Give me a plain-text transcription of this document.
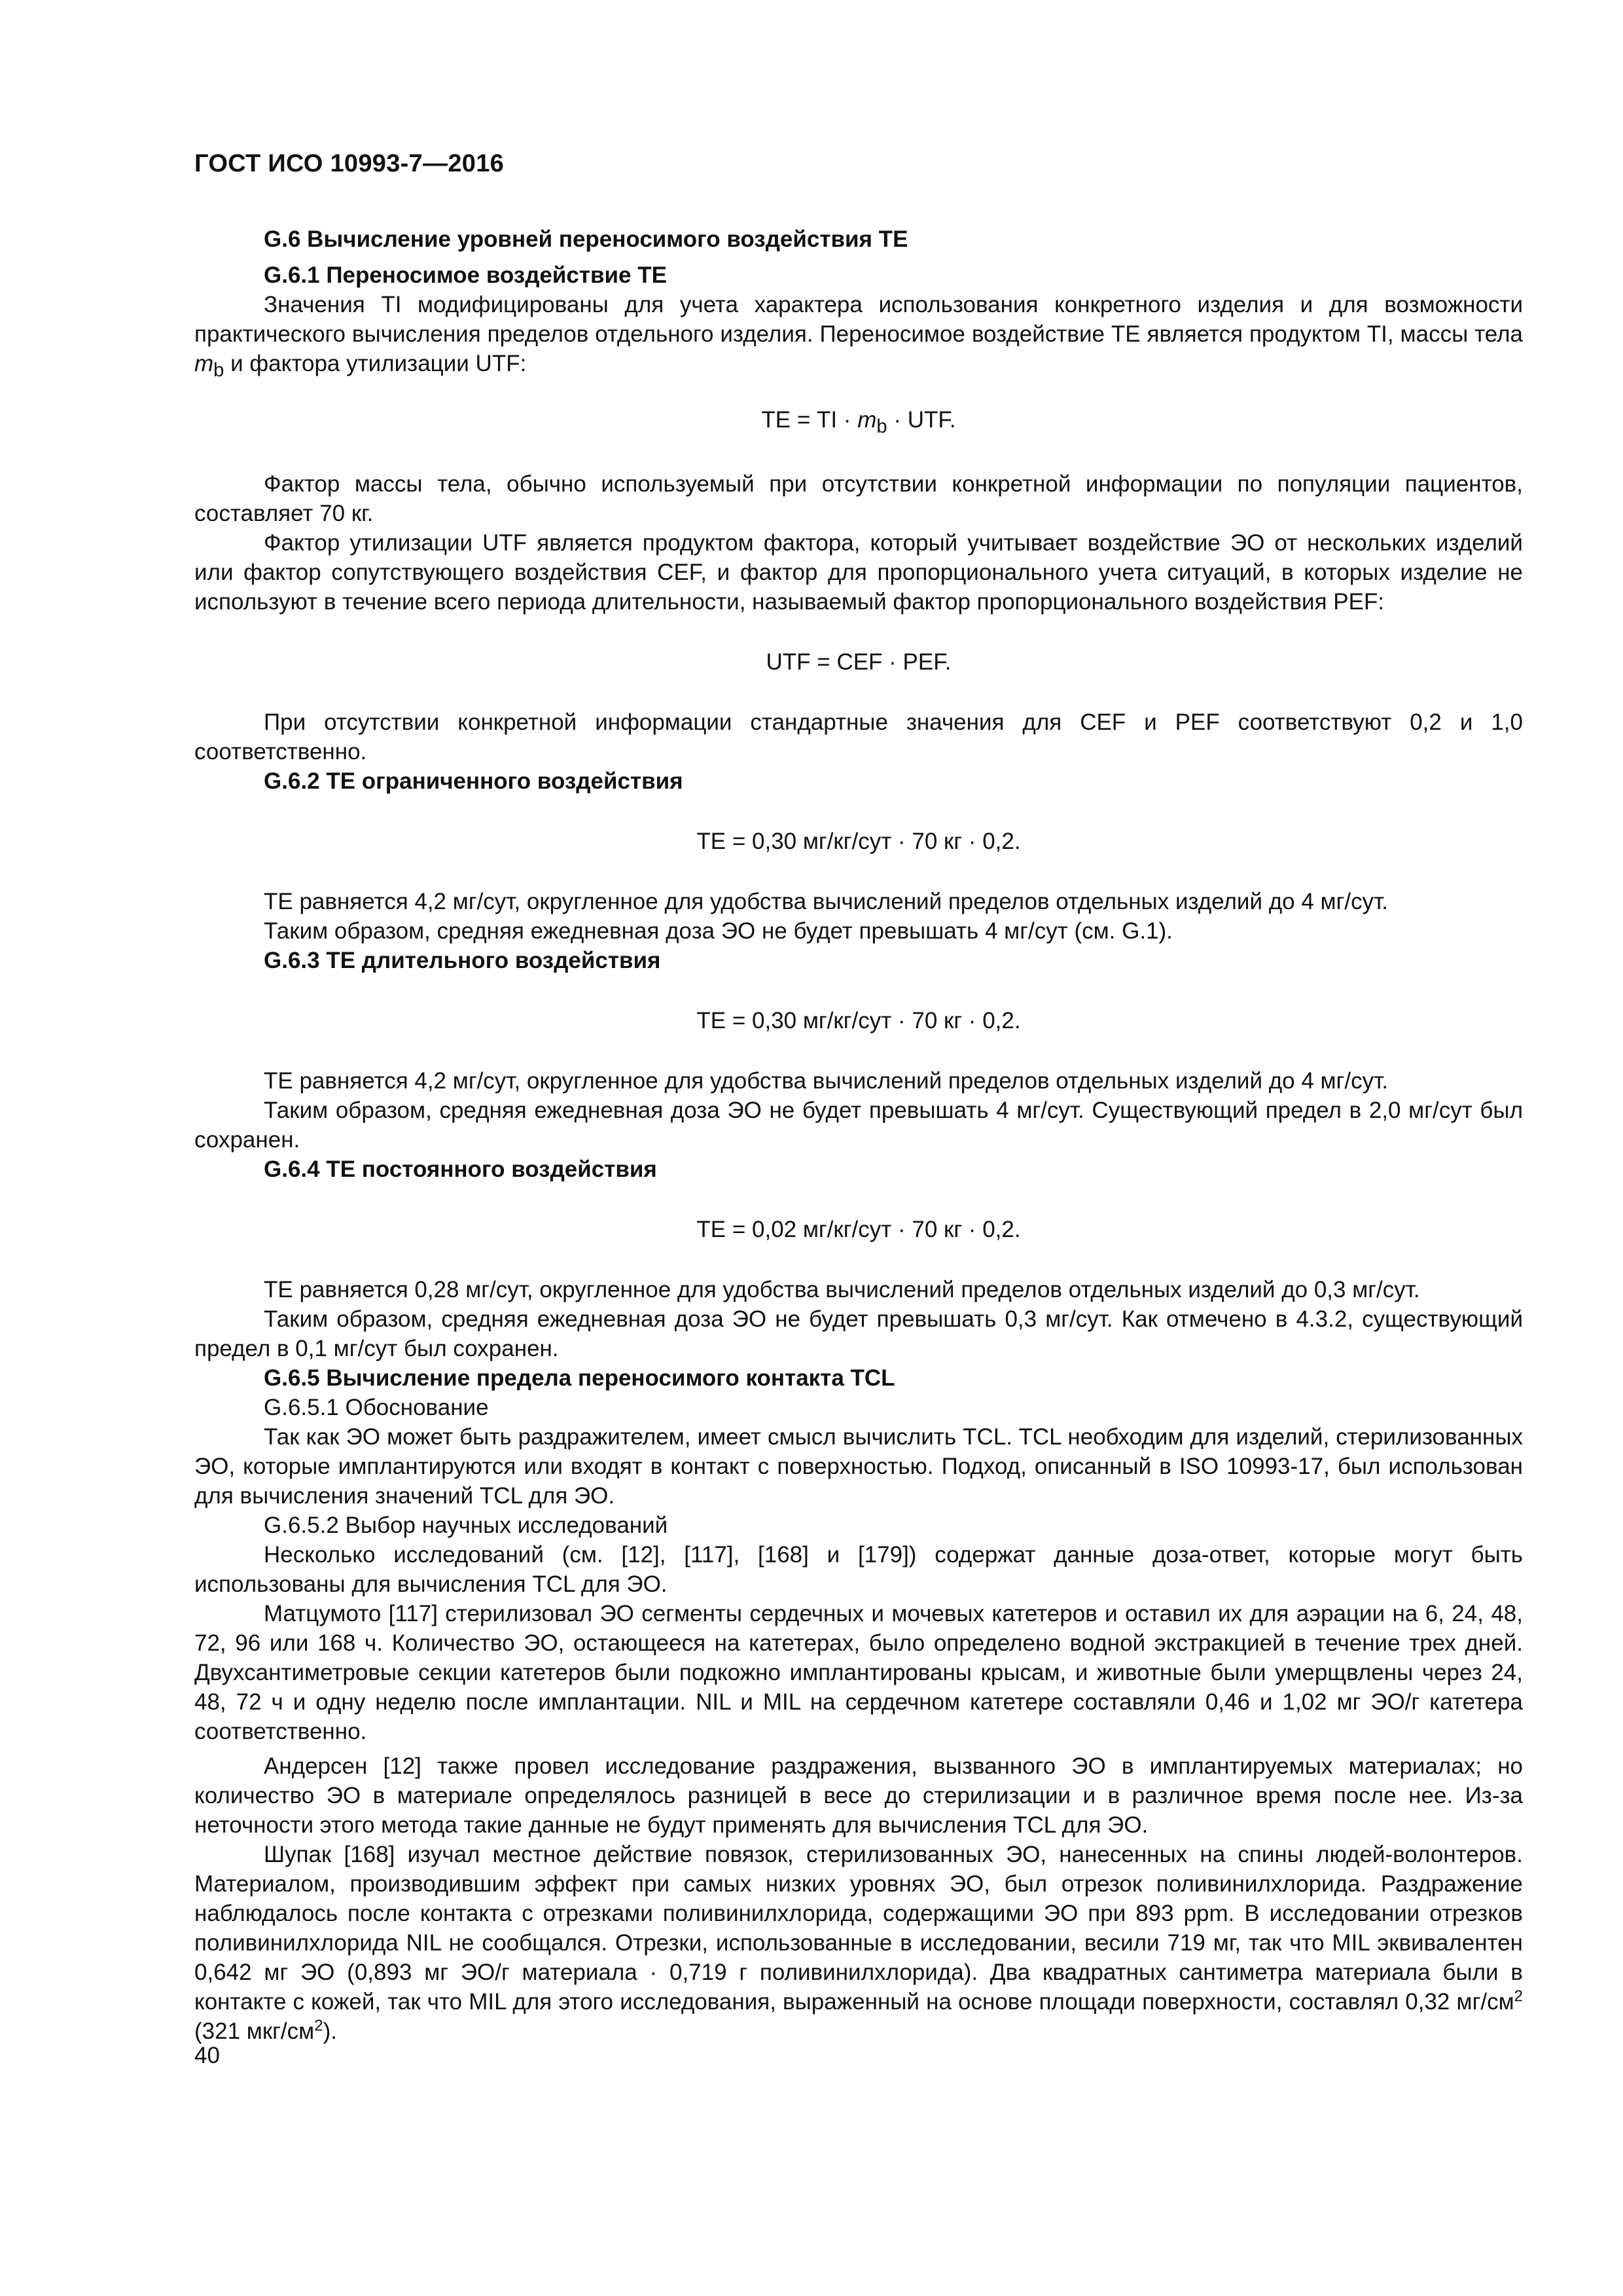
ГОСТ ИСО 10993-7—2016

G.6 Вычисление уровней переносимого воздействия ТЕ

G.6.1 Переносимое воздействие ТЕ

Значения TI модифицированы для учета характера использования конкретного изделия и для возможности практического вычисления пределов отдельного изделия. Переносимое воздействие ТЕ является продуктом TI, массы тела $m_b$ и фактора утилизации UTF:

ТЕ = TI · $m_b$ · UTF.

Фактор массы тела, обычно используемый при отсутствии конкретной информации по популяции пациентов, составляет 70 кг.

Фактор утилизации UTF является продуктом фактора, который учитывает воздействие ЭО от нескольких изделий или фактор сопутствующего воздействия CEF, и фактор для пропорционального учета ситуаций, в которых изделие не используют в течение всего периода длительности, называемый фактор пропорционального воздействия PEF:

UTF = CEF · PEF.

При отсутствии конкретной информации стандартные значения для CEF и PEF соответствуют 0,2 и 1,0 соответственно.

G.6.2 ТЕ ограниченного воздействия

ТЕ = 0,30 мг/кг/сут · 70 кг · 0,2.

ТЕ равняется 4,2 мг/сут, округленное для удобства вычислений пределов отдельных изделий до 4 мг/сут.

Таким образом, средняя ежедневная доза ЭО не будет превышать 4 мг/сут (см. G.1).

G.6.3 ТЕ длительного воздействия

ТЕ = 0,30 мг/кг/сут · 70 кг · 0,2.

ТЕ равняется 4,2 мг/сут, округленное для удобства вычислений пределов отдельных изделий до 4 мг/сут.

Таким образом, средняя ежедневная доза ЭО не будет превышать 4 мг/сут. Существующий предел в 2,0 мг/сут был сохранен.

G.6.4 ТЕ постоянного воздействия

ТЕ = 0,02 мг/кг/сут · 70 кг · 0,2.

ТЕ равняется 0,28 мг/сут, округленное для удобства вычислений пределов отдельных изделий до 0,3 мг/сут.

Таким образом, средняя ежедневная доза ЭО не будет превышать 0,3 мг/сут. Как отмечено в 4.3.2, существующий предел в 0,1 мг/сут был сохранен.

G.6.5 Вычисление предела переносимого контакта TCL

G.6.5.1 Обоснование

Так как ЭО может быть раздражителем, имеет смысл вычислить TCL. TCL необходим для изделий, стерилизованных ЭО, которые имплантируются или входят в контакт с поверхностью. Подход, описанный в ISO 10993-17, был использован для вычисления значений TCL для ЭО.

G.6.5.2 Выбор научных исследований

Несколько исследований (см. [12], [117], [168] и [179]) содержат данные доза-ответ, которые могут быть использованы для вычисления TCL для ЭО.

Матцумото [117] стерилизовал ЭО сегменты сердечных и мочевых катетеров и оставил их для аэрации на 6, 24, 48, 72, 96 или 168 ч. Количество ЭО, остающееся на катетерах, было определено водной экстракцией в течение трех дней. Двухсантиметровые секции катетеров были подкожно имплантированы крысам, и животные были умерщвлены через 24, 48, 72 ч и одну неделю после имплантации. NIL и MIL на сердечном катетере составляли 0,46 и 1,02 мг ЭО/г катетера соответственно.

Андерсен [12] также провел исследование раздражения, вызванного ЭО в имплантируемых материалах; но количество ЭО в материале определялось разницей в весе до стерилизации и в различное время после нее. Из-за неточности этого метода такие данные не будут применять для вычисления TCL для ЭО.

Шупак [168] изучал местное действие повязок, стерилизованных ЭО, нанесенных на спины людей-волонтеров. Материалом, производившим эффект при самых низких уровнях ЭО, был отрезок поливинилхлорида. Раздражение наблюдалось после контакта с отрезками поливинилхлорида, содержащими ЭО при 893 ppm. В исследовании отрезков поливинилхлорида NIL не сообщался. Отрезки, использованные в исследовании, весили 719 мг, так что MIL эквивалентен 0,642 мг ЭО (0,893 мг ЭО/г материала · 0,719 г поливинилхлорида). Два квадратных сантиметра материала были в контакте с кожей, так что MIL для этого исследования, выраженный на основе площади поверхности, составлял 0,32 $мг/см^2$ (321 мкг/$см^2$).

40
